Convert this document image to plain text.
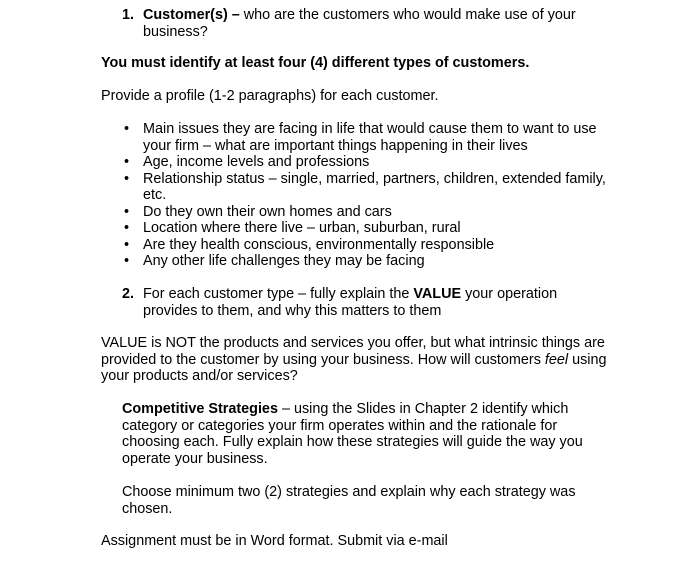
1. Customer(s) – who are the customers who would make use of your business?

You must identify at least four (4) different types of customers.

Provide a profile (1-2 paragraphs) for each customer.

• Main issues they are facing in life that would cause them to want to use your firm – what are important things happening in their lives
• Age, income levels and professions
• Relationship status – single, married, partners, children, extended family, etc.
• Do they own their own homes and cars
• Location where there live – urban, suburban, rural
• Are they health conscious, environmentally responsible
• Any other life challenges they may be facing
2. For each customer type – fully explain the VALUE your operation provides to them, and why this matters to them

VALUE is NOT the products and services you offer, but what intrinsic things are provided to the customer by using your business. How will customers feel using your products and/or services?

Competitive Strategies – using the Slides in Chapter 2 identify which category or categories your firm operates within and the rationale for choosing each. Fully explain how these strategies will guide the way you operate your business.

Choose minimum two (2) strategies and explain why each strategy was chosen.

Assignment must be in Word format. Submit via e-mail
